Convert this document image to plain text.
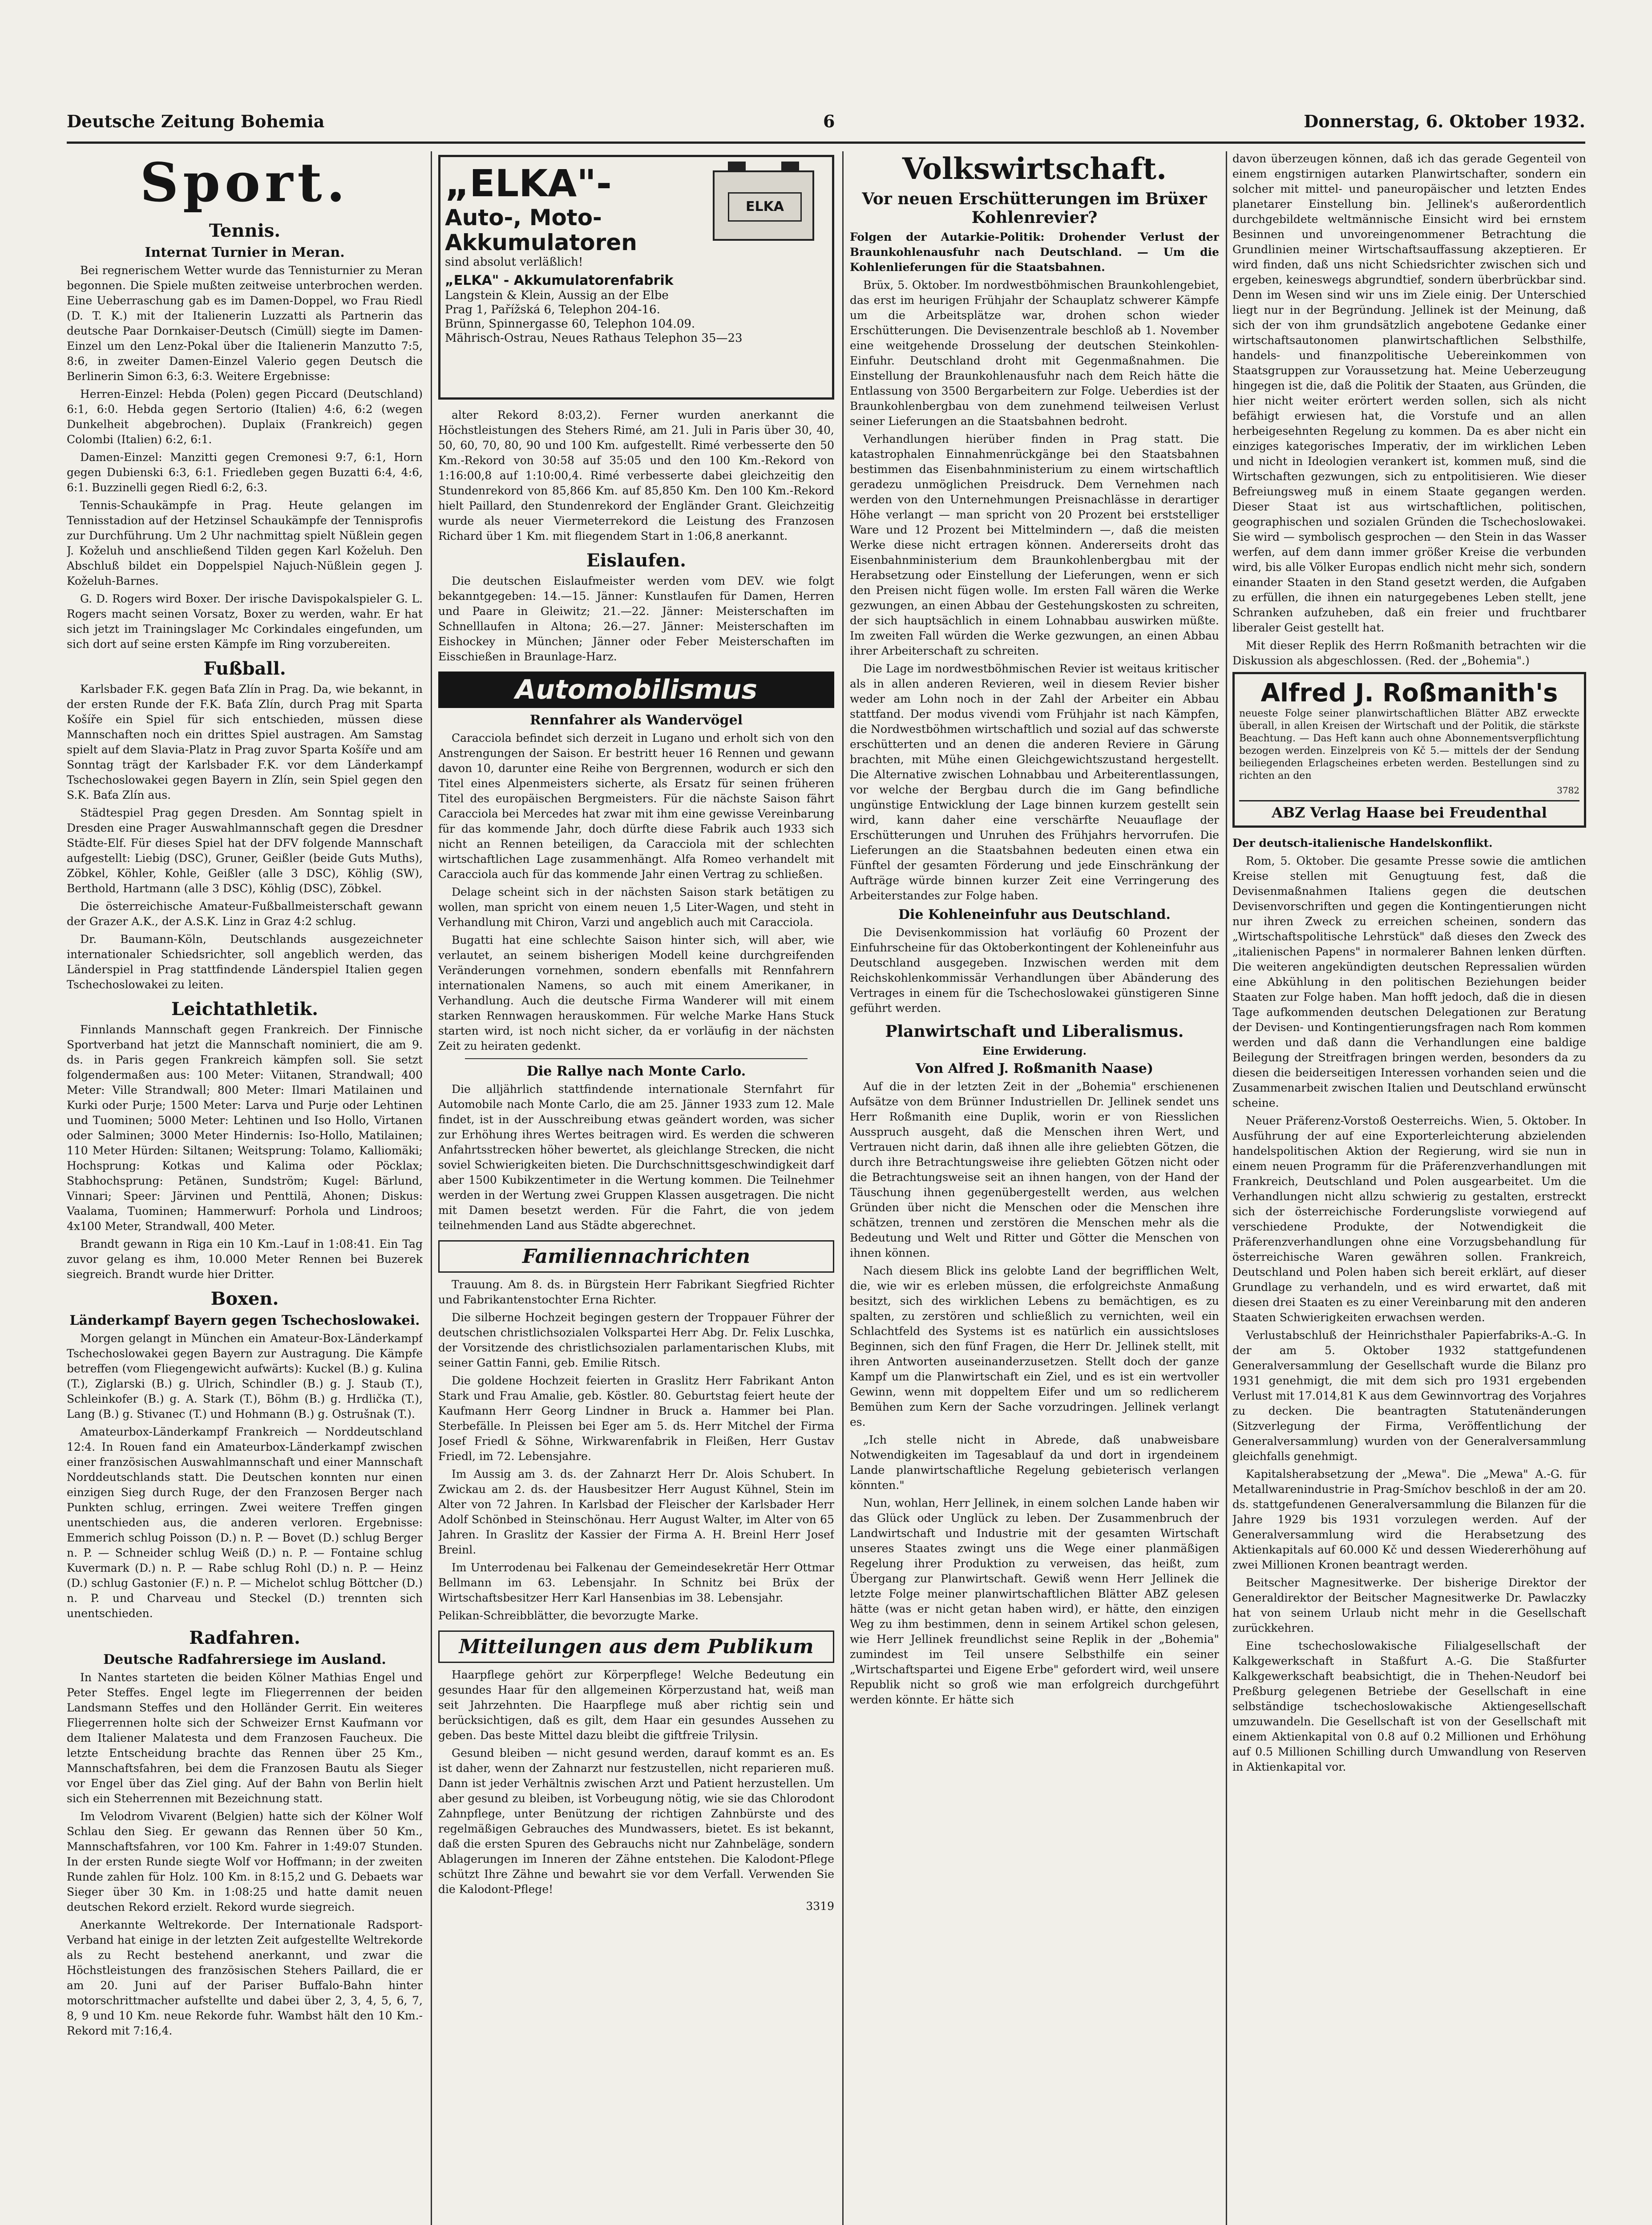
Deutsche Zeitung Bohemia	6	Donnerstag, 6. Oktober 1932.
Sport.
Tennis.
Internat Turnier in Meran.

Bei regnerischem Wetter wurde das Tennisturnier zu Meran begonnen. Die Spiele mußten zeitweise unterbrochen werden. Eine Ueberraschung gab es im Damen-Doppel, wo Frau Riedl (D. T. K.) mit der Italienerin Luzzatti als Partnerin das deutsche Paar Dornkaiser-Deutsch (Cimüll) siegte im Damen-Einzel um den Lenz-Pokal über die Italienerin Manzutto 7:5, 8:6, in zweiter Damen-Einzel Valerio gegen Deutsch die Berlinerin Simon 6:3, 6:3. Weitere Ergebnisse:

Herren-Einzel: Hebda (Polen) gegen Piccard (Deutschland) 6:1, 6:0. Hebda gegen Sertorio (Italien) 4:6, 6:2 (wegen Dunkelheit abgebrochen). Duplaix (Frankreich) gegen Colombi (Italien) 6:2, 6:1.

Damen-Einzel: Manzitti gegen Cremonesi 9:7, 6:1, Horn gegen Dubienski 6:3, 6:1. Friedleben gegen Buzatti 6:4, 4:6, 6:1. Buzzinelli gegen Riedl 6:2, 6:3.

Tennis-Schaukämpfe in Prag. Heute gelangen im Tennisstadion auf der Hetzinsel Schaukämpfe der Tennisprofis zur Durchführung. Um 2 Uhr nachmittag spielt Nüßlein gegen J. Koželuh und anschließend Tilden gegen Karl Koželuh. Den Abschluß bildet ein Doppelspiel Najuch-Nüßlein gegen J. Koželuh-Barnes.

G. D. Rogers wird Boxer. Der irische Davispokalspieler G. L. Rogers macht seinen Vorsatz, Boxer zu werden, wahr. Er hat sich jetzt im Trainingslager Mc Corkindales eingefunden, um sich dort auf seine ersten Kämpfe im Ring vorzubereiten.

Fußball.

Karlsbader F.K. gegen Baťa Zlín in Prag. Da, wie bekannt, in der ersten Runde der F.K. Baťa Zlín, durch Prag mit Sparta Košíře ein Spiel für sich entschieden, müssen diese Mannschaften noch ein drittes Spiel austragen. Am Samstag spielt auf dem Slavia-Platz in Prag zuvor Sparta Košíře und am Sonntag trägt der Karlsbader F.K. vor dem Länderkampf Tschechoslowakei gegen Bayern in Zlín, sein Spiel gegen den S.K. Baťa Zlín aus.

Städtespiel Prag gegen Dresden. Am Sonntag spielt in Dresden eine Prager Auswahlmannschaft gegen die Dresdner Städte-Elf. Für dieses Spiel hat der DFV folgende Mannschaft aufgestellt: Liebig (DSC), Gruner, Geißler (beide Guts Muths), Zöbkel, Köhler, Kohle, Geißler (alle 3 DSC), Köhlig (SW), Berthold, Hartmann (alle 3 DSC), Köhlig (DSC), Zöbkel.

Die österreichische Amateur-Fußballmeisterschaft gewann der Grazer A.K., der A.S.K. Linz in Graz 4:2 schlug.

Dr. Baumann-Köln, Deutschlands ausgezeichneter internationaler Schiedsrichter, soll angeblich werden, das Länderspiel in Prag stattfindende Länderspiel Italien gegen Tschechoslowakei zu leiten.

Leichtathletik.

Finnlands Mannschaft gegen Frankreich. Der Finnische Sportverband hat jetzt die Mannschaft nominiert, die am 9. ds. in Paris gegen Frankreich kämpfen soll. Sie setzt folgendermaßen aus: 100 Meter: Viitanen, Strandwall; 400 Meter: Ville Strandwall; 800 Meter: Ilmari Matilainen und Kurki oder Purje; 1500 Meter: Larva und Purje oder Lehtinen und Tuominen; 5000 Meter: Lehtinen und Iso Hollo, Virtanen oder Salminen; 3000 Meter Hindernis: Iso-Hollo, Matilainen; 110 Meter Hürden: Siltanen; Weitsprung: Tolamo, Kalliomäki; Hochsprung: Kotkas und Kalima oder Pöcklax; Stabhochsprung: Petänen, Sundström; Kugel: Bärlund, Vinnari; Speer: Järvinen und Penttilä, Ahonen; Diskus: Vaalama, Tuominen; Hammerwurf: Porhola und Lindroos; 4x100 Meter, Strandwall, 400 Meter.

Brandt gewann in Riga ein 10 Km.-Lauf in 1:08:41. Ein Tag zuvor gelang es ihm, 10.000 Meter Rennen bei Buzerek siegreich. Brandt wurde hier Dritter.

Boxen.
Länderkampf Bayern gegen Tschechoslowakei.

Morgen gelangt in München ein Amateur-Box-Länderkampf Tschechoslowakei gegen Bayern zur Austragung. Die Kämpfe betreffen (vom Fliegengewicht aufwärts): Kuckel (B.) g. Kulina (T.), Ziglarski (B.) g. Ulrich, Schindler (B.) g. J. Staub (T.), Schleinkofer (B.) g. A. Stark (T.), Böhm (B.) g. Hrdlička (T.), Lang (B.) g. Stivanec (T.) und Hohmann (B.) g. Ostrušnak (T.).

Amateurbox-Länderkampf Frankreich — Norddeutschland 12:4. In Rouen fand ein Amateurbox-Länderkampf zwischen einer französischen Auswahlmannschaft und einer Mannschaft Norddeutschlands statt. Die Deutschen konnten nur einen einzigen Sieg durch Ruge, der den Franzosen Berger nach Punkten schlug, erringen. Zwei weitere Treffen gingen unentschieden aus, die anderen verloren. Ergebnisse: Emmerich schlug Poisson (D.) n. P. — Bovet (D.) schlug Berger n. P. — Schneider schlug Weiß (D.) n. P. — Fontaine schlug Kuvermark (D.) n. P. — Rabe schlug Rohl (D.) n. P. — Heinz (D.) schlug Gastonier (F.) n. P. — Michelot schlug Böttcher (D.) n. P. und Charveau und Steckel (D.) trennten sich unentschieden.

Radfahren.
Deutsche Radfahrersiege im Ausland.

In Nantes starteten die beiden Kölner Mathias Engel und Peter Steffes. Engel legte im Fliegerrennen der beiden Landsmann Steffes und den Holländer Gerrit. Ein weiteres Fliegerrennen holte sich der Schweizer Ernst Kaufmann vor dem Italiener Malatesta und dem Franzosen Faucheux. Die letzte Entscheidung brachte das Rennen über 25 Km., Mannschaftsfahren, bei dem die Franzosen Bautu als Sieger vor Engel über das Ziel ging. Auf der Bahn von Berlin hielt sich ein Steherrennen mit Bezeichnung statt.

Im Velodrom Vivarent (Belgien) hatte sich der Kölner Wolf Schlau den Sieg. Er gewann das Rennen über 50 Km., Mannschaftsfahren, vor 100 Km. Fahrer in 1:49:07 Stunden. In der ersten Runde siegte Wolf vor Hoffmann; in der zweiten Runde zahlen für Holz. 100 Km. in 8:15,2 und G. Debaets war Sieger über 30 Km. in 1:08:25 und hatte damit neuen deutschen Rekord erzielt. Rekord wurde siegreich.

Anerkannte Weltrekorde. Der Internationale Radsport-Verband hat einige in der letzten Zeit aufgestellte Weltrekorde als zu Recht bestehend anerkannt, und zwar die Höchstleistungen des französischen Stehers Paillard, die er am 20. Juni auf der Pariser Buffalo-Bahn hinter motorschrittmacher aufstellte und dabei über 2, 3, 4, 5, 6, 7, 8, 9 und 10 Km. neue Rekorde fuhr. Wambst hält den 10 Km.-Rekord mit 7:16,4.

„ELKA"-
Auto-, Moto-
Akkumulatoren
sind absolut verläßlich!
ELKA
„ELKA" - Akkumulatorenfabrik
Langstein & Klein, Aussig an der Elbe
Prag 1, Pařížská 6, Telephon 204-16.
Brünn, Spinnergasse 60, Telephon 104.09.
Mährisch-Ostrau, Neues Rathaus Telephon 35—23

alter Rekord 8:03,2). Ferner wurden anerkannt die Höchstleistungen des Stehers Rimé, am 21. Juli in Paris über 30, 40, 50, 60, 70, 80, 90 und 100 Km. aufgestellt. Rimé verbesserte den 50 Km.-Rekord von 30:58 auf 35:05 und den 100 Km.-Rekord von 1:16:00,8 auf 1:10:00,4. Rimé verbesserte dabei gleichzeitig den Stundenrekord von 85,866 Km. auf 85,850 Km. Den 100 Km.-Rekord hielt Paillard, den Stundenrekord der Engländer Grant. Gleichzeitig wurde als neuer Viermeterrekord die Leistung des Franzosen Richard über 1 Km. mit fliegendem Start in 1:06,8 anerkannt.

Eislaufen.

Die deutschen Eislaufmeister werden vom DEV. wie folgt bekanntgegeben: 14.—15. Jänner: Kunstlaufen für Damen, Herren und Paare in Gleiwitz; 21.—22. Jänner: Meisterschaften im Schnelllaufen in Altona; 26.—27. Jänner: Meisterschaften im Eishockey in München; Jänner oder Feber Meisterschaften im Eisschießen in Braunlage-Harz.

Automobilismus
Rennfahrer als Wandervögel

Caracciola befindet sich derzeit in Lugano und erholt sich von den Anstrengungen der Saison. Er bestritt heuer 16 Rennen und gewann davon 10, darunter eine Reihe von Bergrennen, wodurch er sich den Titel eines Alpenmeisters sicherte, als Ersatz für seinen früheren Titel des europäischen Bergmeisters. Für die nächste Saison fährt Caracciola bei Mercedes hat zwar mit ihm eine gewisse Vereinbarung für das kommende Jahr, doch dürfte diese Fabrik auch 1933 sich nicht an Rennen beteiligen, da Caracciola mit der schlechten wirtschaftlichen Lage zusammenhängt. Alfa Romeo verhandelt mit Caracciola auch für das kommende Jahr einen Vertrag zu schließen.

Delage scheint sich in der nächsten Saison stark betätigen zu wollen, man spricht von einem neuen 1,5 Liter-Wagen, und steht in Verhandlung mit Chiron, Varzi und angeblich auch mit Caracciola.

Bugatti hat eine schlechte Saison hinter sich, will aber, wie verlautet, an seinem bisherigen Modell keine durchgreifenden Veränderungen vornehmen, sondern ebenfalls mit Rennfahrern internationalen Namens, so auch mit einem Amerikaner, in Verhandlung. Auch die deutsche Firma Wanderer will mit einem starken Rennwagen herauskommen. Für welche Marke Hans Stuck starten wird, ist noch nicht sicher, da er vorläufig in der nächsten Zeit zu heiraten gedenkt.

Die Rallye nach Monte Carlo.

Die alljährlich stattfindende internationale Sternfahrt für Automobile nach Monte Carlo, die am 25. Jänner 1933 zum 12. Male findet, ist in der Ausschreibung etwas geändert worden, was sicher zur Erhöhung ihres Wertes beitragen wird. Es werden die schweren Anfahrtsstrecken höher bewertet, als gleichlange Strecken, die nicht soviel Schwierigkeiten bieten. Die Durchschnittsgeschwindigkeit darf aber 1500 Kubikzentimeter in die Wertung kommen. Die Teilnehmer werden in der Wertung zwei Gruppen Klassen ausgetragen. Die nicht mit Damen besetzt werden. Für die Fahrt, die von jedem teilnehmenden Land aus Städte abgerechnet.

Familiennachrichten

Trauung. Am 8. ds. in Bürgstein Herr Fabrikant Siegfried Richter und Fabrikantenstochter Erna Richter.

Die silberne Hochzeit begingen gestern der Troppauer Führer der deutschen christlichsozialen Volkspartei Herr Abg. Dr. Felix Luschka, der Vorsitzende des christlichsozialen parlamentarischen Klubs, mit seiner Gattin Fanni, geb. Emilie Ritsch.

Die goldene Hochzeit feierten in Graslitz Herr Fabrikant Anton Stark und Frau Amalie, geb. Köstler. 80. Geburtstag feiert heute der Kaufmann Herr Georg Lindner in Bruck a. Hammer bei Plan. Sterbefälle. In Pleissen bei Eger am 5. ds. Herr Mitchel der Firma Josef Friedl & Söhne, Wirkwarenfabrik in Fleißen, Herr Gustav Friedl, im 72. Lebensjahre.

Im Aussig am 3. ds. der Zahnarzt Herr Dr. Alois Schubert. In Zwickau am 2. ds. der Hausbesitzer Herr August Kühnel, Stein im Alter von 72 Jahren. In Karlsbad der Fleischer der Karlsbader Herr Adolf Schönbed in Steinschönau. Herr August Walter, im Alter von 65 Jahren. In Graslitz der Kassier der Firma A. H. Breinl Herr Josef Breinl.

Im Unterrodenau bei Falkenau der Gemeindesekretär Herr Ottmar Bellmann im 63. Lebensjahr. In Schnitz bei Brüx der Wirtschaftsbesitzer Herr Karl Hansenbias im 38. Lebensjahr.

Pelikan-Schreibblätter, die bevorzugte Marke.

Mitteilungen aus dem Publikum

Haarpflege gehört zur Körperpflege! Welche Bedeutung ein gesundes Haar für den allgemeinen Körperzustand hat, weiß man seit Jahrzehnten. Die Haarpflege muß aber richtig sein und berücksichtigen, daß es gilt, dem Haar ein gesundes Aussehen zu geben. Das beste Mittel dazu bleibt die giftfreie Trilysin.

Gesund bleiben — nicht gesund werden, darauf kommt es an. Es ist daher, wenn der Zahnarzt nur festzustellen, nicht reparieren muß. Dann ist jeder Verhältnis zwischen Arzt und Patient herzustellen. Um aber gesund zu bleiben, ist Vorbeugung nötig, wie sie das Chlorodont Zahnpflege, unter Benützung der richtigen Zahnbürste und des regelmäßigen Gebrauches des Mundwassers, bietet. Es ist bekannt, daß die ersten Spuren des Gebrauchs nicht nur Zahnbeläge, sondern Ablagerungen im Inneren der Zähne entstehen. Die Kalodont-Pflege schützt Ihre Zähne und bewahrt sie vor dem Verfall. Verwenden Sie die Kalodont-Pflege!

3319
Volkswirtschaft.
Vor neuen Erschütterungen im Brüxer Kohlenrevier?

Folgen der Autarkie-Politik: Drohender Verlust der Braunkohlenausfuhr nach Deutschland. — Um die Kohlenlieferungen für die Staatsbahnen.

Brüx, 5. Oktober. Im nordwestböhmischen Braunkohlengebiet, das erst im heurigen Frühjahr der Schauplatz schwerer Kämpfe um die Arbeitsplätze war, drohen schon wieder Erschütterungen. Die Devisenzentrale beschloß ab 1. November eine weitgehende Drosselung der deutschen Steinkohlen-Einfuhr. Deutschland droht mit Gegenmaßnahmen. Die Einstellung der Braunkohlenausfuhr nach dem Reich hätte die Entlassung von 3500 Bergarbeitern zur Folge. Ueberdies ist der Braunkohlenbergbau von dem zunehmend teilweisen Verlust seiner Lieferungen an die Staatsbahnen bedroht.

Verhandlungen hierüber finden in Prag statt. Die katastrophalen Einnahmenrückgänge bei den Staatsbahnen bestimmen das Eisenbahnministerium zu einem wirtschaftlich geradezu unmöglichen Preisdruck. Dem Vernehmen nach werden von den Unternehmungen Preisnachlässe in derartiger Höhe verlangt — man spricht von 20 Prozent bei erststelliger Ware und 12 Prozent bei Mittelmindern —, daß die meisten Werke diese nicht ertragen können. Andererseits droht das Eisenbahnministerium dem Braunkohlenbergbau mit der Herabsetzung oder Einstellung der Lieferungen, wenn er sich den Preisen nicht fügen wolle. Im ersten Fall wären die Werke gezwungen, an einen Abbau der Gestehungskosten zu schreiten, der sich hauptsächlich in einem Lohnabbau auswirken müßte. Im zweiten Fall würden die Werke gezwungen, an einen Abbau ihrer Arbeiterschaft zu schreiten.

Die Lage im nordwestböhmischen Revier ist weitaus kritischer als in allen anderen Revieren, weil in diesem Revier bisher weder am Lohn noch in der Zahl der Arbeiter ein Abbau stattfand. Der modus vivendi vom Frühjahr ist nach Kämpfen, die Nordwestböhmen wirtschaftlich und sozial auf das schwerste erschütterten und an denen die anderen Reviere in Gärung brachten, mit Mühe einen Gleichgewichtszustand hergestellt. Die Alternative zwischen Lohnabbau und Arbeiterentlassungen, vor welche der Bergbau durch die im Gang befindliche ungünstige Entwicklung der Lage binnen kurzem gestellt sein wird, kann daher eine verschärfte Neuauflage der Erschütterungen und Unruhen des Frühjahrs hervorrufen. Die Lieferungen an die Staatsbahnen bedeuten einen etwa ein Fünftel der gesamten Förderung und jede Einschränkung der Aufträge würde binnen kurzer Zeit eine Verringerung des Arbeiterstandes zur Folge haben.

Die Kohleneinfuhr aus Deutschland.

Die Devisenkommission hat vorläufig 60 Prozent der Einfuhrscheine für das Oktoberkontingent der Kohleneinfuhr aus Deutschland ausgegeben. Inzwischen werden mit dem Reichskohlenkommissär Verhandlungen über Abänderung des Vertrages in einem für die Tschechoslowakei günstigeren Sinne geführt werden.

Planwirtschaft und Liberalismus.
Eine Erwiderung.
Von Alfred J. Roßmanith Naase)

Auf die in der letzten Zeit in der „Bohemia" erschienenen Aufsätze von dem Brünner Industriellen Dr. Jellinek sendet uns Herr Roßmanith eine Duplik, worin er von Riesslichen Ausspruch ausgeht, daß die Menschen ihren Wert, und Vertrauen nicht darin, daß ihnen alle ihre geliebten Götzen, die durch ihre Betrachtungsweise ihre geliebten Götzen nicht oder die Betrachtungsweise seit an ihnen hangen, von der Hand der Täuschung ihnen gegenübergestellt werden, aus welchen Gründen über nicht die Menschen oder die Menschen ihre schätzen, trennen und zerstören die Menschen mehr als die Bedeutung und Welt und Ritter und Götter die Menschen von ihnen können.

Nach diesem Blick ins gelobte Land der begrifflichen Welt, die, wie wir es erleben müssen, die erfolgreichste Anmaßung besitzt, sich des wirklichen Lebens zu bemächtigen, es zu spalten, zu zerstören und schließlich zu vernichten, weil ein Schlachtfeld des Systems ist es natürlich ein aussichtsloses Beginnen, sich den fünf Fragen, die Herr Dr. Jellinek stellt, mit ihren Antworten auseinanderzusetzen. Stellt doch der ganze Kampf um die Planwirtschaft ein Ziel, und es ist ein wertvoller Gewinn, wenn mit doppeltem Eifer und um so redlicherem Bemühen zum Kern der Sache vorzudringen. Jellinek verlangt es.

„Ich stelle nicht in Abrede, daß unabweisbare Notwendigkeiten im Tagesablauf da und dort in irgendeinem Lande planwirtschaftliche Regelung gebieterisch verlangen könnten."

Nun, wohlan, Herr Jellinek, in einem solchen Lande haben wir das Glück oder Unglück zu leben. Der Zusammenbruch der Landwirtschaft und Industrie mit der gesamten Wirtschaft unseres Staates zwingt uns die Wege einer planmäßigen Regelung ihrer Produktion zu verweisen, das heißt, zum Übergang zur Planwirtschaft. Gewiß wenn Herr Jellinek die letzte Folge meiner planwirtschaftlichen Blätter ABZ gelesen hätte (was er nicht getan haben wird), er hätte, den einzigen Weg zu ihm bestimmen, denn in seinem Artikel schon gelesen, wie Herr Jellinek freundlichst seine Replik in der „Bohemia" zumindest im Teil unsere Selbsthilfe ein seiner „Wirtschaftspartei und Eigene Erbe" gefordert wird, weil unsere Republik nicht so groß wie man erfolgreich durchgeführt werden könnte. Er hätte sich

davon überzeugen können, daß ich das gerade Gegenteil von einem engstirnigen autarken Planwirtschafter, sondern ein solcher mit mittel- und paneuropäischer und letzten Endes planetarer Einstellung bin. Jellinek's außerordentlich durchgebildete weltmännische Einsicht wird bei ernstem Besinnen und unvoreingenommener Betrachtung die Grundlinien meiner Wirtschaftsauffassung akzeptieren. Er wird finden, daß uns nicht Schiedsrichter zwischen sich und ergeben, keineswegs abgrundtief, sondern überbrückbar sind. Denn im Wesen sind wir uns im Ziele einig. Der Unterschied liegt nur in der Begründung. Jellinek ist der Meinung, daß sich der von ihm grundsätzlich angebotene Gedanke einer wirtschaftsautonomen planwirtschaftlichen Selbsthilfe, handels- und finanzpolitische Uebereinkommen von Staatsgruppen zur Voraussetzung hat. Meine Ueberzeugung hingegen ist die, daß die Politik der Staaten, aus Gründen, die hier nicht weiter erörtert werden sollen, sich als nicht befähigt erwiesen hat, die Vorstufe und an allen herbeigesehnten Regelung zu kommen. Da es aber nicht ein einziges kategorisches Imperativ, der im wirklichen Leben und nicht in Ideologien verankert ist, kommen muß, sind die Wirtschaften gezwungen, sich zu entpolitisieren. Wie dieser Befreiungsweg muß in einem Staate gegangen werden. Dieser Staat ist aus wirtschaftlichen, politischen, geographischen und sozialen Gründen die Tschechoslowakei. Sie wird — symbolisch gesprochen — den Stein in das Wasser werfen, auf dem dann immer größer Kreise die verbunden wird, bis alle Völker Europas endlich nicht mehr sich, sondern einander Staaten in den Stand gesetzt werden, die Aufgaben zu erfüllen, die ihnen ein naturgegebenes Leben stellt, jene Schranken aufzuheben, daß ein freier und fruchtbarer liberaler Geist gestellt hat.

Mit dieser Replik des Herrn Roßmanith betrachten wir die Diskussion als abgeschlossen. (Red. der „Bohemia".)

Alfred J. Roßmanith's

neueste Folge seiner planwirtschaftlichen Blätter ABZ erweckte überall, in allen Kreisen der Wirtschaft und der Politik, die stärkste Beachtung. — Das Heft kann auch ohne Abonnementsverpflichtung bezogen werden. Einzelpreis von Kč 5.— mittels der der Sendung beiliegenden Erlagscheines erbeten werden. Bestellungen sind zu richten an den

3782
ABZ Verlag Haase bei Freudenthal

Der deutsch-italienische Handelskonflikt.

Rom, 5. Oktober. Die gesamte Presse sowie die amtlichen Kreise stellen mit Genugtuung fest, daß die Devisenmaßnahmen Italiens gegen die deutschen Devisenvorschriften und gegen die Kontingentierungen nicht nur ihren Zweck zu erreichen scheinen, sondern das „Wirtschaftspolitische Lehrstück" daß dieses den Zweck des „italienischen Papens" in normalerer Bahnen lenken dürften. Die weiteren angekündigten deutschen Repressalien würden eine Abkühlung in den politischen Beziehungen beider Staaten zur Folge haben. Man hofft jedoch, daß die in diesen Tage aufkommenden deutschen Delegationen zur Beratung der Devisen- und Kontingentierungsfragen nach Rom kommen werden und daß dann die Verhandlungen eine baldige Beilegung der Streitfragen bringen werden, besonders da zu diesen die beiderseitigen Interessen vorhanden seien und die Zusammenarbeit zwischen Italien und Deutschland erwünscht scheine.

Neuer Präferenz-Vorstoß Oesterreichs. Wien, 5. Oktober. In Ausführung der auf eine Exporterleichterung abzielenden handelspolitischen Aktion der Regierung, wird sie nun in einem neuen Programm für die Präferenzverhandlungen mit Frankreich, Deutschland und Polen ausgearbeitet. Um die Verhandlungen nicht allzu schwierig zu gestalten, erstreckt sich der österreichische Forderungsliste vorwiegend auf verschiedene Produkte, der Notwendigkeit die Präferenzverhandlungen ohne eine Vorzugsbehandlung für österreichische Waren gewähren sollen. Frankreich, Deutschland und Polen haben sich bereit erklärt, auf dieser Grundlage zu verhandeln, und es wird erwartet, daß mit diesen drei Staaten es zu einer Vereinbarung mit den anderen Staaten Schwierigkeiten erwachsen werden.

Verlustabschluß der Heinrichsthaler Papierfabriks-A.-G. In der am 5. Oktober 1932 stattgefundenen Generalversammlung der Gesellschaft wurde die Bilanz pro 1931 genehmigt, die mit dem sich pro 1931 ergebenden Verlust mit 17.014,81 K aus dem Gewinnvortrag des Vorjahres zu decken. Die beantragten Statutenänderungen (Sitzverlegung der Firma, Veröffentlichung der Generalversammlung) wurden von der Generalversammlung gleichfalls genehmigt.

Kapitalsherabsetzung der „Mewa". Die „Mewa" A.-G. für Metallwarenindustrie in Prag-Smíchov beschloß in der am 20. ds. stattgefundenen Generalversammlung die Bilanzen für die Jahre 1929 bis 1931 vorzulegen werden. Auf der Generalversammlung wird die Herabsetzung des Aktienkapitals auf 60.000 Kč und dessen Wiedererhöhung auf zwei Millionen Kronen beantragt werden.

Beitscher Magnesitwerke. Der bisherige Direktor der Generaldirektor der Beitscher Magnesitwerke Dr. Pawlaczky hat von seinem Urlaub nicht mehr in die Gesellschaft zurückkehren.

Eine tschechoslowakische Filialgesellschaft der Kalkgewerkschaft in Staßfurt A.-G. Die Staßfurter Kalkgewerkschaft beabsichtigt, die in Thehen-Neudorf bei Preßburg gelegenen Betriebe der Gesellschaft in eine selbständige tschechoslowakische Aktiengesellschaft umzuwandeln. Die Gesellschaft ist von der Gesellschaft mit einem Aktienkapital von 0.8 auf 0.2 Millionen und Erhöhung auf 0.5 Millionen Schilling durch Umwandlung von Reserven in Aktienkapital vor.
